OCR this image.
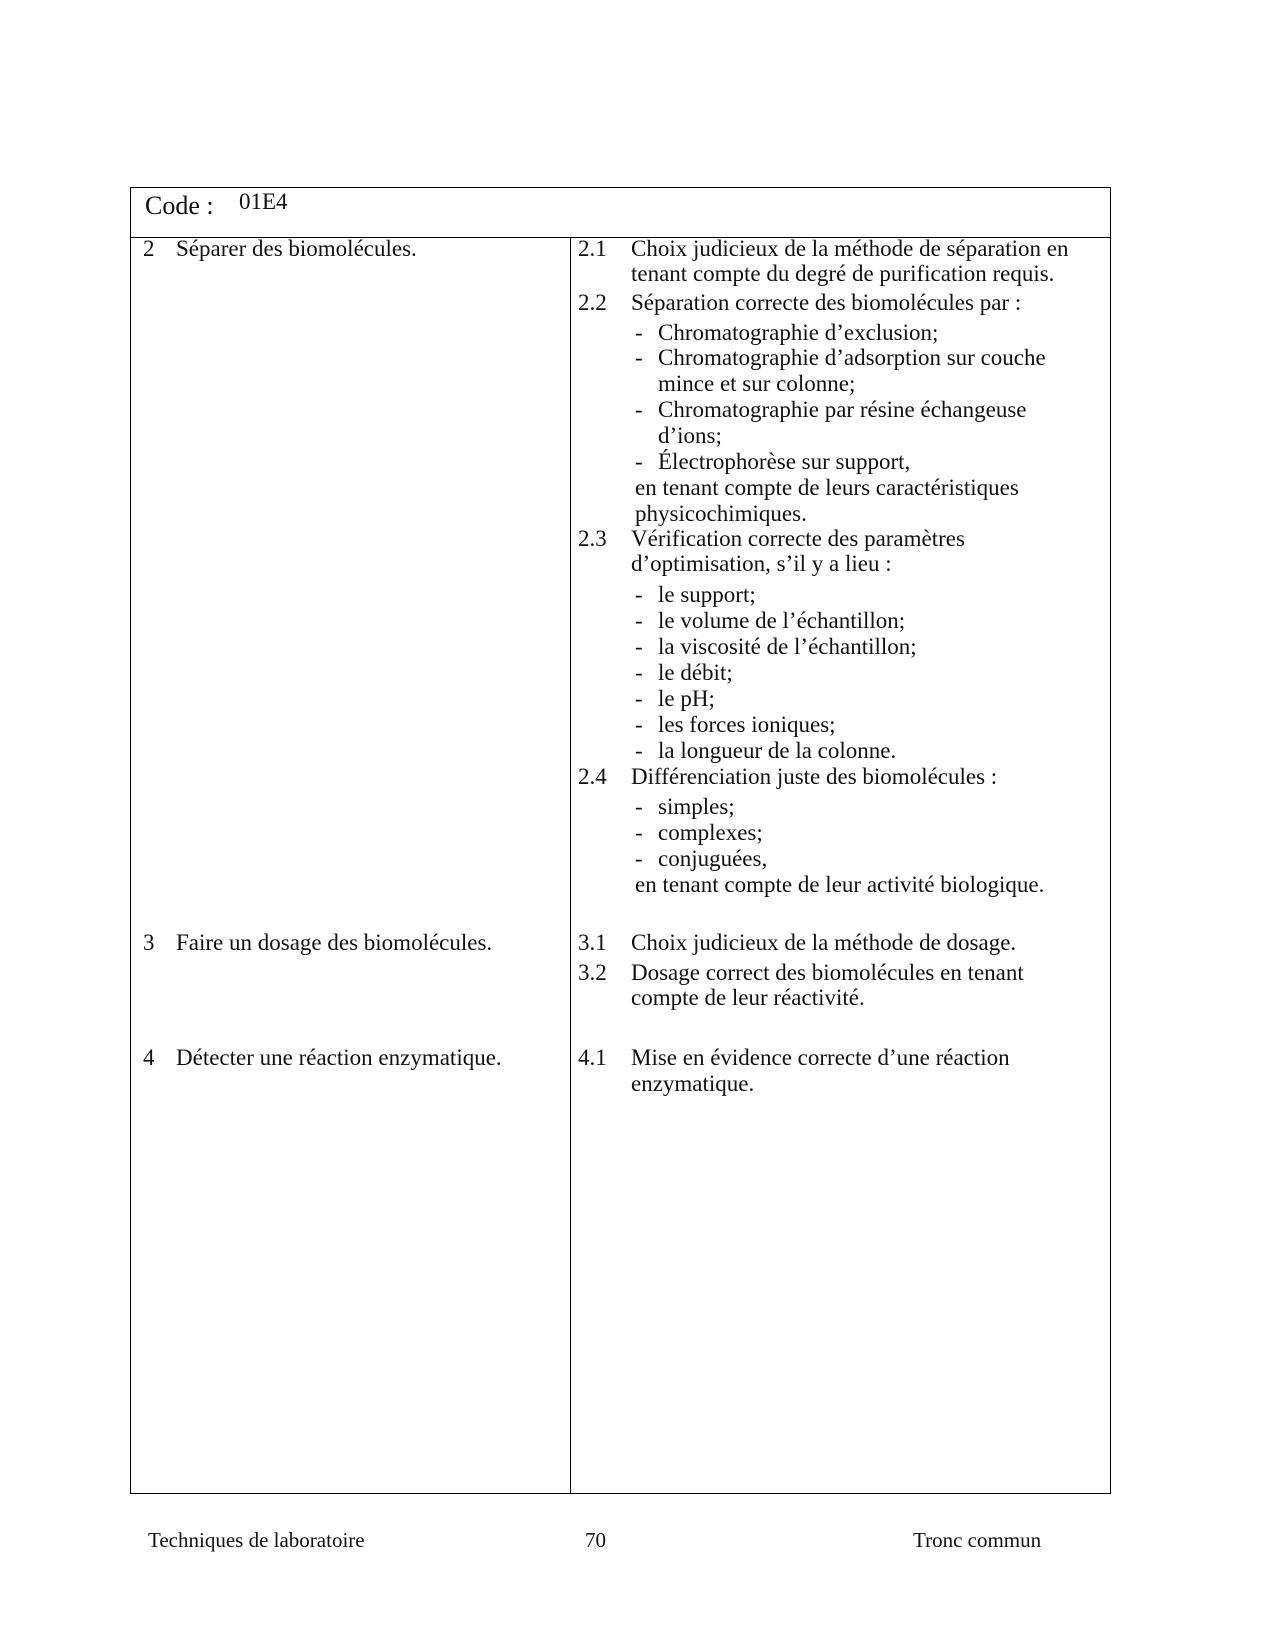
Code : 01E4
2 Séparer des biomolécules.
3 Faire un dosage des biomolécules.
4 Détecter une réaction enzymatique.
2.1 Choix judicieux de la méthode de séparation en
tenant compte du degré de purification requis.
2.2 Séparation correcte des biomolécules par :
- Chromatographie d’exclusion;
- Chromatographie d’adsorption sur couche
mince et sur colonne;
- Chromatographie par résine échangeuse
d’ions;
- Électrophorèse sur support,
en tenant compte de leurs caractéristiques
physicochimiques.
2.3 Vérification correcte des paramètres
d’optimisation, s’il y a lieu :
- le support;
- le volume de l’échantillon;
- la viscosité de l’échantillon;
- le débit;
- le pH;
- les forces ioniques;
- la longueur de la colonne.
2.4 Différenciation juste des biomolécules :
- simples;
- complexes;
- conjuguées,
en tenant compte de leur activité biologique.
3.1 Choix judicieux de la méthode de dosage.
3.2 Dosage correct des biomolécules en tenant
compte de leur réactivité.
4.1 Mise en évidence correcte d’une réaction
enzymatique.
Techniques de laboratoire	70	Tronc commun
